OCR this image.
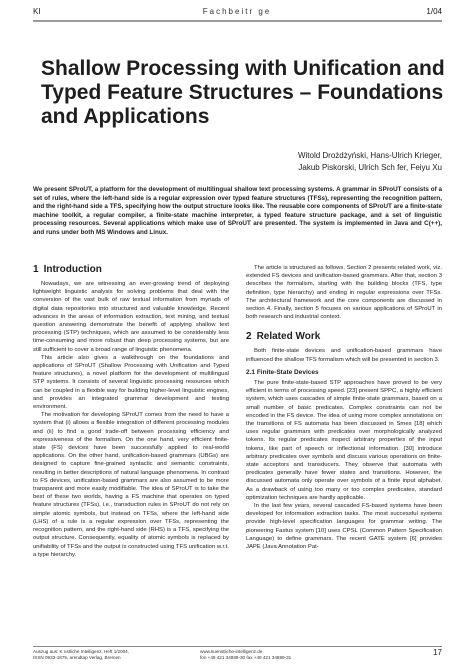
KI	Fachbeitr ge	1/04
Shallow Processing with Unification and Typed Feature Structures – Foundations and Applications
Witold Drożdżyński, Hans-Ulrich Krieger,
Jakub Piskorski, Ulrich Sch fer, Feiyu Xu
We present SProUT, a platform for the development of multilingual shallow text processing systems. A grammar in SProUT consists of a set of rules, where the left-hand side is a regular expression over typed feature structures (TFSs), representing the recognition pattern, and the right-hand side a TFS, specifying how the output structure looks like. The reusable core components of SProUT are a finite-state machine toolkit, a regular compiler, a finite-state machine interpreter, a typed feature structure package, and a set of linguistic processing resources. Several applications which make use of SProUT are presented. The system is implemented in Java and C(++), and runs under both MS Windows and Linux.
1 Introduction

Nowadays, we are witnessing an ever-growing trend of deploying lightweight linguistic analysis for solving problems that deal with the conversion of the vast bulk of raw textual information from myriads of digital data repositories into structured and valuable knowledge. Recent advances in the areas of information extraction, text mining, and textual question answering demonstrate the benefit of applying shallow text processing (STP) techniques, which are assumed to be considerably less time-consuming and more robust than deep processing systems, but are still sufficient to cover a broad range of linguistic phenomena.

This article also gives a walkthrough on the foundations and applications of SProUT (Shallow Processing with Unification and Typed feature structures), a novel platform for the development of multilingual STP systems. It consists of several linguistic processing resources which can be coupled in a flexible way for building higher-level linguistic engines, and provides an integrated grammar development and testing environment.

The motivation for developing SProUT comes from the need to have a system that (i) allows a flexible integration of different processing modules and (ii) to find a good trade-off between processing efficiency and expressiveness of the formalism. On the one hand, very efficient finite-state (FS) devices have been successfully applied to real-world applications. On the other hand, unification-based grammars (UBGs) are designed to capture fine-grained syntactic and semantic constraints, resulting in better descriptions of natural language phenomena. In contrast to FS devices, unification-based grammars are also assumed to be more transparent and more easily modifiable. The idea of SProUT is to take the best of these two worlds, having a FS machine that operates on typed feature structures (TFSs), i.e., transduction rules in SProUT do not rely on simple atomic symbols, but instead on TFSs, where the left-hand side (LHS) of a rule is a regular expression over TFSs, representing the recognition pattern, and the right-hand side (RHS) is a TFS, specifying the output structure. Consequently, equality of atomic symbols is replaced by unifiability of TFSs and the output is constructed using TFS unification w.r.t. a type hierarchy.

The article is structured as follows. Section 2 presents related work, viz. extended FS devices and unification-based grammars. After that, section 3 describes the formalism, starting with the building blocks (TFS, type definition, type hierarchy) and ending in regular expressions over TFSs. The architectural framework and the core components are discussed in section 4. Finally, section 5 focuses on various applications of SProUT in both research and industrial context.

2 Related Work

Both finite-state devices and unification-based grammars have influenced the shallow TFS formalism which will be presented in section 3.

2.1 Finite-State Devices

The pure finite-state-based STP approaches have proved to be very efficient in terms of processing speed. [23] present SPPC, a highly efficient system, which uses cascades of simple finite-state grammars, based on a small number of basic predicates. Complex constraints can not be encoded in the FS device. The idea of using more complex annotations on the transitions of FS automata has been discussed in Smes [18] which uses regular grammars with predicates over morphologically analyzed tokens. Its regular predicates inspect arbitrary properties of the input tokens, like part of speech or inflectional information. [30] introduce arbitrary predicates over symbols and discuss various operations on finite-state acceptors and transducers. They observe that automata with predicates generally have fewer states and transitions. However, the discussed automata only operate over symbols of a finite input alphabet. As a drawback of using too many or too complex predicates, standard optimization techniques are hardly applicable.

In the last few years, several cascaded FS-based systems have been developed for information extraction tasks. The most successful systems provide high-level specification languages for grammar writing. The pioneering Fastus system [10] uses CPSL (Common Pattern Specification Language) to define grammars. The recent GATE system [6] provides JAPE (Java Annotation Pat-

Auszug aus: K nstliche Intelligenz, Heft 1/2004,
ISSN 0933-1875, arendtap Verlag, Bremen
www.kuenstliche-intelligenz.de
fon +49 421 34889-30 fax +49 421 34889-31
17
